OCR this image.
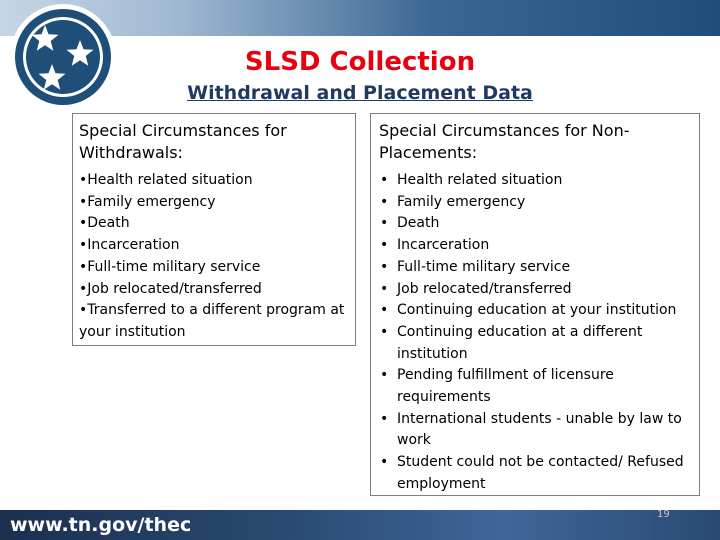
SLSD Collection
Withdrawal and Placement Data
Special Circumstances for Withdrawals:
•Health related situation
•Family emergency
•Death
•Incarceration
•Full-time military service
•Job relocated/transferred
•Transferred to a different program at your institution
Special Circumstances for Non-Placements:
• Health related situation
• Family emergency
• Death
• Incarceration
• Full-time military service
• Job relocated/transferred
• Continuing education at your institution
• Continuing education at a different institution
• Pending fulfillment of licensure requirements
• International students - unable by law to work
• Student could not be contacted/ Refused employment
www.tn.gov/thec	19
